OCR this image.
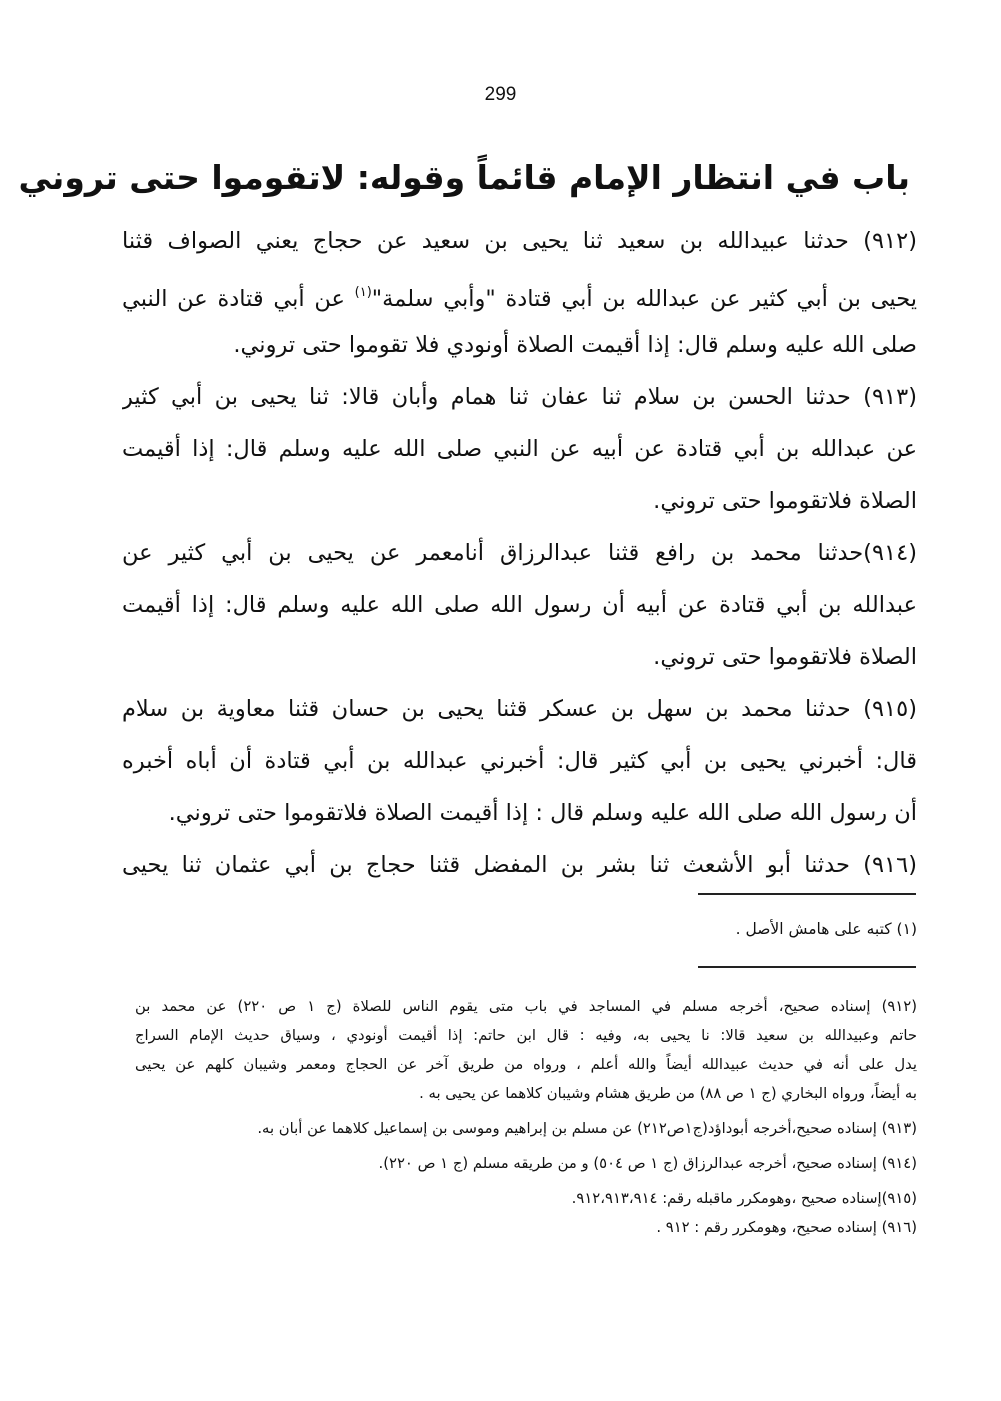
299
باب في انتظار الإمام قائماً وقوله: لاتقوموا حتى تروني
(٩١٢) حدثنا عبيدالله بن سعيد ثنا يحيى بن سعيد عن حجاج يعني الصواف قثنا
يحيى بن أبي كثير عن عبدالله بن أبي قتادة "وأبي سلمة"$^{(١)}$ عن أبي قتادة عن النبي
صلى الله عليه وسلم قال: إذا أقيمت الصلاة أونودي فلا تقوموا حتى تروني.
(٩١٣) حدثنا الحسن بن سلام ثنا عفان ثنا همام وأبان قالا: ثنا يحيى بن أبي كثير
عن عبدالله بن أبي قتادة عن أبيه عن النبي صلى الله عليه وسلم قال: إذا أقيمت
الصلاة فلاتقوموا حتى تروني.
(٩١٤)حدثنا محمد بن رافع قثنا عبدالرزاق أنامعمر عن يحيى بن أبي كثير عن
عبدالله بن أبي قتادة عن أبيه أن رسول الله صلى الله عليه وسلم قال: إذا أقيمت
الصلاة فلاتقوموا حتى تروني.
(٩١٥) حدثنا محمد بن سهل بن عسكر قثنا يحيى بن حسان قثنا معاوية بن سلام
قال: أخبرني يحيى بن أبي كثير قال: أخبرني عبدالله بن أبي قتادة أن أباه أخبره
أن رسول الله صلى الله عليه وسلم قال : إذا أقيمت الصلاة فلاتقوموا حتى تروني.
(٩١٦) حدثنا أبو الأشعث ثنا بشر بن المفضل قثنا حجاج بن أبي عثمان ثنا يحيى
(١) كتبه على هامش الأصل .
(٩١٢) إسناده صحيح، أخرجه مسلم في المساجد في باب متى يقوم الناس للصلاة (ج ١ ص ٢٢٠) عن محمد بن
حاتم وعبيدالله بن سعيد قالا: نا يحيى به، وفيه : قال ابن حاتم: إذا أقيمت أونودي ، وسياق حديث الإمام السراج
يدل على أنه في حديث عبيدالله أيضاً والله أعلم ، ورواه من طريق آخر عن الحجاج ومعمر وشيبان كلهم عن يحيى
به أيضاً، ورواه البخاري (ج ١ ص ٨٨) من طريق هشام وشيبان كلاهما عن يحيى به .
(٩١٣) إسناده صحيح،أخرجه أبوداؤد(ج١ص٢١٢) عن مسلم بن إبراهيم وموسى بن إسماعيل كلاهما عن أبان به.
(٩١٤) إسناده صحيح، أخرجه عبدالرزاق (ج ١ ص ٥٠٤) و من طريقه مسلم (ج ١ ص ٢٢٠).
(٩١٥)إسناده صحيح ،وهومكرر ماقبله رقم: ٩١٢،٩١٣،٩١٤.
(٩١٦) إسناده صحيح، وهومكرر رقم : ٩١٢ .
